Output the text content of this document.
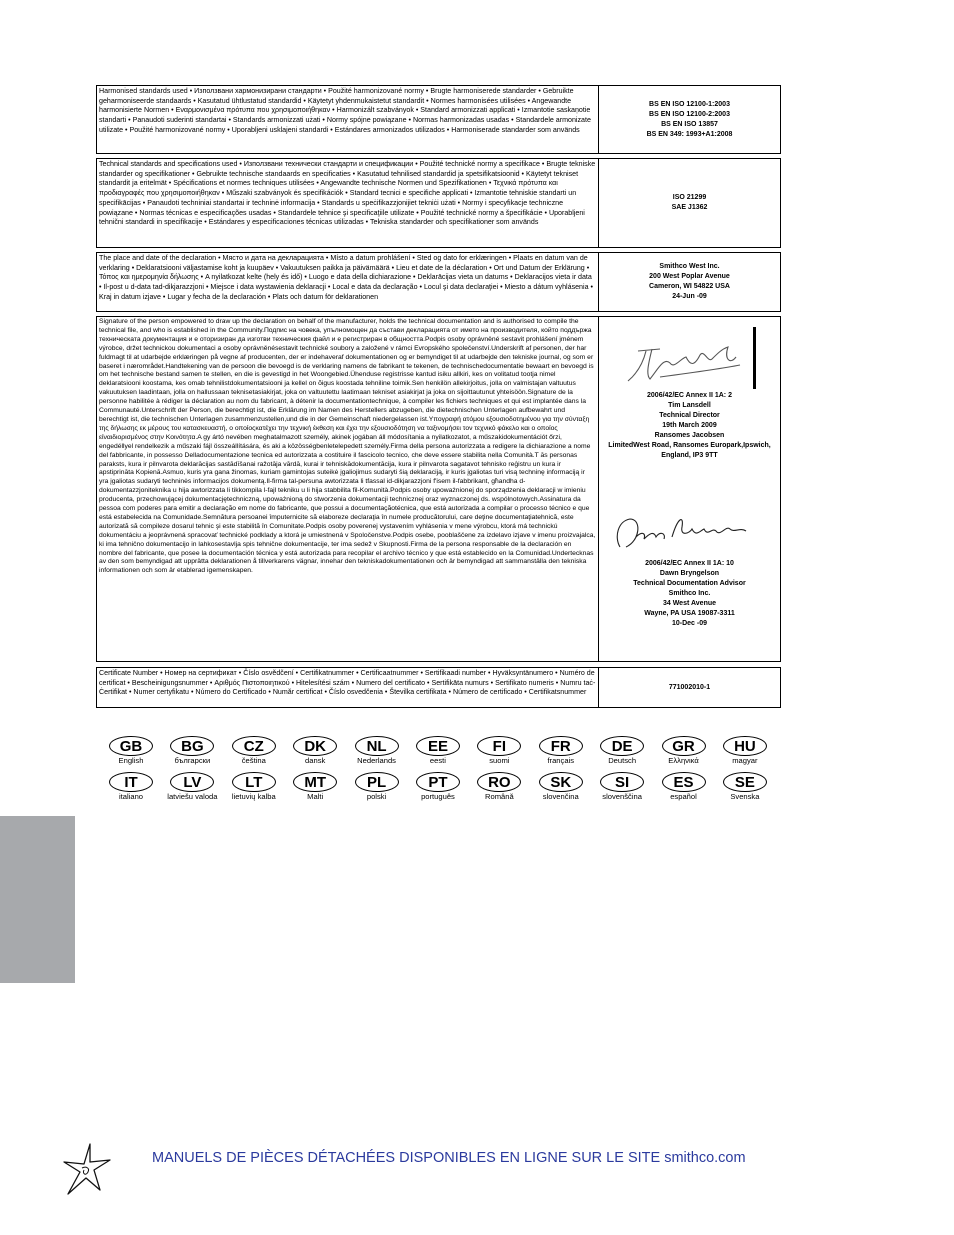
Harmonised standards used • Използвани хармонизирани стандарти • Použité harmonizované normy • Brugte harmoniserede standarder • Gebruikte geharmoniseerde standaards • Kasutatud ühtlustatud standardid • Käytetyt yhdenmukaistetut standardit • Normes harmonisées utilisées • Angewandte harmonisierte Normen • Εναρμονισμένα πρότυπα που χρησιμοποιήθηκαν • Harmonizált szabványok • Standard armonizzati applicati • Izmantotie saskaņotie standarti • Panaudoti suderinti standartai • Standards armonizzati użati • Normy spójne powiązane • Normas harmonizadas usadas • Standardele armonizate utilizate • Použité harmonizované normy • Uporabljeni usklajeni standardi • Estándares armonizados utilizados • Harmoniserade standarder som används
BS EN ISO 12100-1:2003
BS EN ISO 12100-2:2003
BS EN ISO 13857
BS EN 349: 1993+A1:2008
Technical standards and specifications used • Използвани технически стандарти и спецификации • Použité technické normy a specifikace • Brugte tekniske standarder og specifikationer • Gebruikte technische standaards en specificaties • Kasutatud tehnilised standardid ja spetsifikatsioonid • Käytetyt tekniset standardit ja eritelmät • Spécifications et normes techniques utilisées • Angewandte technische Normen und Spezifikationen • Τεχνικά πρότυπα και προδιαγραφές που χρησιμοποιήθηκαν • Műszaki szabványok és specifikációk • Standard tecnici e specifiche applicati • Izmantotie tehniskie standarti un specifikācijas • Panaudoti techniniai standartai ir techninė informacija • Standards u speċifikazzjonijiet tekniċi użati • Normy i specyfikacje techniczne powiązane • Normas técnicas e especificações usadas • Standardele tehnice şi specificaţiile utilizate • Použité technické normy a špecifikácie • Uporabljeni tehnični standardi in specifikacije • Estándares y especificaciones técnicas utilizadas • Tekniska standarder och specifikationer som används
ISO 21299
SAE J1362
The place and date of the declaration • Място и дата на декларацията • Místo a datum prohlášení • Sted og dato for erklæringen • Plaats en datum van de verklaring • Deklaratsiooni väljastamise koht ja kuupäev • Vakuutuksen paikka ja päivämäärä • Lieu et date de la déclaration • Ort und Datum der Erklärung • Τόπος και ημερομηνία δήλωσης • A nyilatkozat kelte (hely és idő) • Luogo e data della dichiarazione • Deklarācijas vieta un datums • Deklaracijos vieta ir data • Il-post u d-data tad-dikjarazzjoni • Miejsce i data wystawienia deklaracji • Local e data da declaração • Locul şi data declaraţiei • Miesto a dátum vyhlásenia • Kraj in datum izjave • Lugar y fecha de la declaración • Plats och datum för deklarationen
Smithco West Inc.
200 West Poplar Avenue
Cameron, WI 54822 USA
24-Jun -09
Signature of the person empowered to draw up the declaration on behalf of the manufacturer, holds the technical documentation and is authorised to compile the technical file, and who is established in the Community.Подпис на човека, упълномощен да състави декларацията от името на производителя, който поддържа техническата документация и е оторизиран да изготви техническия файл и е регистриран в общността.Podpis osoby oprávněné sestavit prohlášení jménem výrobce, držet technickou dokumentaci a osoby oprávněnésestavit technické soubory a založené v rámci Evropského společenství.Underskrift af personen, der har fuldmagt til at udarbejde erklæringen på vegne af producenten, der er indehaveraf dokumentationen og er bemyndiget til at udarbejde den tekniske journal, og som er baseret i nærområdet.Handtekening van de persoon die bevoegd is de verklaring namens de fabrikant te tekenen, de technischedocumentatie bewaart en bevoegd is om het technische bestand samen te stellen, en die is gevestigd in het Woongebied.Ühenduse registrisse kantud isiku allkiri, kes on volitatud tootja nimel deklaratsiooni koostama, kes omab tehnilistdokumentatsiooni ja kellel on õigus koostada tehniline toimik.Sen henkilön allekirjoitus, jolla on valmistajan valtuutus vakuutuksen laadintaan, jolla on hallussaan teknisetasiakirjat, joka on valtuutettu laatimaan tekniset asiakirjat ja joka on sijoittautunut yhteisöön.Signature de la personne habilitée à rédiger la déclaration au nom du fabricant, à détenir la documentationtechnique, à compiler les fichiers techniques et qui est implantée dans la Communauté.Unterschrift der Person, die berechtigt ist, die Erklärung im Namen des Herstellers abzugeben, die dietechnischen Unterlagen aufbewahrt und berechtigt ist, die technischen Unterlagen zusammenzustellen,und die in der Gemeinschaft niedergelassen ist.Υπογραφή ατόμου εξουσιοδοτημένου για την σύνταξη της δήλωσης εκ μέρους του κατασκευαστή, ο οποίοςκατέχει την τεχνική έκθεση και έχει την εξουσιοδότηση να ταξινομήσει τον τεχνικό φάκελο και ο οποίος είναιδιορισμένος στην Κοινότητα.A gy ártó nevében meghatalmazott személy, akinek jogában áll módosítania a nyilatkozatot, a műszakidokumentációt őrzi, engedéllyel rendelkezik a műszaki fájl összeállítására, és aki a közösségbenletelepedett személy.Firma della persona autorizzata a redigere la dichiarazione a nome del fabbricante, in possesso Delladocumentazione tecnica ed autorizzata a costituire il fascicolo tecnico, che deve essere stabilita nella Comunità.T ās personas paraksts, kura ir pilnvarota deklarācijas sastādīšanai ražotāja vārdā, kurai ir tehniskādokumentācija, kura ir pilnvarota sagatavot tehnisko reģistru un kura ir apstiprināta Kopienā.Asmuo, kuris yra gana žinomas, kuriam gamintojas suteikė įgaliojimus sudaryti šią deklaraciją, ir kuris įgaliotas turi visą techninę informaciją ir yra įgaliotas sudaryti techninės informacijos dokumentą.Il-firma tal-persuna awtorizzata li tfassal id-dikjarazzjoni f'isem il-fabbrikant, għandha d-dokumentazzjoniteknika u hija awtorizzata li tikkompila l-fajl tekniku u li hija stabbilita fil-Komunità.Podpis osoby upoważnionej do sporządzenia deklaracji w imieniu producenta, przechowującej dokumentacjętechniczną, upoważnioną do stworzenia dokumentacji technicznej oraz wyznaczonej ds. wspólnotowych.Assinatura da pessoa com poderes para emitir a declaração em nome do fabricante, que possui a documentaçãotécnica, que está autorizada a compilar o processo técnico e que está estabelecida na Comunidade.Semnătura persoanei împuternicite să elaboreze declaraţia în numele producătorului, care deţine documentaţiatehnică, este autorizată să compileze dosarul tehnic şi este stabilită în Comunitate.Podpis osoby poverenej vystavením vyhlásenia v mene výrobcu, ktorá má technickú dokumentáciu a jeoprávnená spracovať technické podklady a ktorá je umiestnená v Spoločenstve.Podpis osebe, pooblaščene za izdelavo izjave v imenu proizvajalca, ki ima tehnično dokumentacijo in lahkosestavlja spis tehnične dokumentacije, ter ima sedež v Skupnosti.Firma de la persona responsable de la declaración en nombre del fabricante, que posee la documentación técnica y está autorizada para recopilar el archivo técnico y que está establecido en la Comunidad.Undertecknas av den som bemyndigad att upprätta deklarationen å tillverkarens vägnar, innehar den tekniskadokumentationen och är bemyndigad att sammanställa den tekniska informationen och som är etablerad igemenskapen.
2006/42/EC Annex II 1A: 2
Tim Lansdell
Technical Director
19th March 2009
Ransomes Jacobsen
LimitedWest Road, Ransomes Europark,Ipswich,
England, IP3 9TT
2006/42/EC Annex II 1A: 10
Dawn Bryngelson
Technical Documentation Advisor
Smithco Inc.
34 West Avenue
Wayne, PA USA 19087-3311
10-Dec -09
Certificate Number • Номер на сертификат • Číslo osvědčení • Certifikatnummer • Certificaatnummer • Sertifikaadi number • Hyväksyntänumero • Numéro de certificat • Bescheinigungsnummer • Αριθμός Πιστοποιητικού • Hitelesítési szám • Numero del certificato • Sertifikāta numurs • Sertifikato numeris • Numru taċ-Ċertifikat • Numer certyfikatu • Número do Certificado • Număr certificat • Číslo osvedčenia • Številka certifikata • Número de certificado • Certifikatsnummer
771002010-1
GB
English
BG
български
CZ
čeština
DK
dansk
NL
Nederlands
EE
eesti
FI
suomi
FR
français
DE
Deutsch
GR
Ελληνικά
HU
magyar
IT
italiano
LV
latviešu valoda
LT
lietuvių kalba
MT
Malti
PL
polski
PT
português
RO
Română
SK
slovenčina
SI
slovenščina
ES
español
SE
Svenska
MANUELS DE PIÈCES DÉTACHÉES DISPONIBLES EN LIGNE SUR LE SITE smithco.com
